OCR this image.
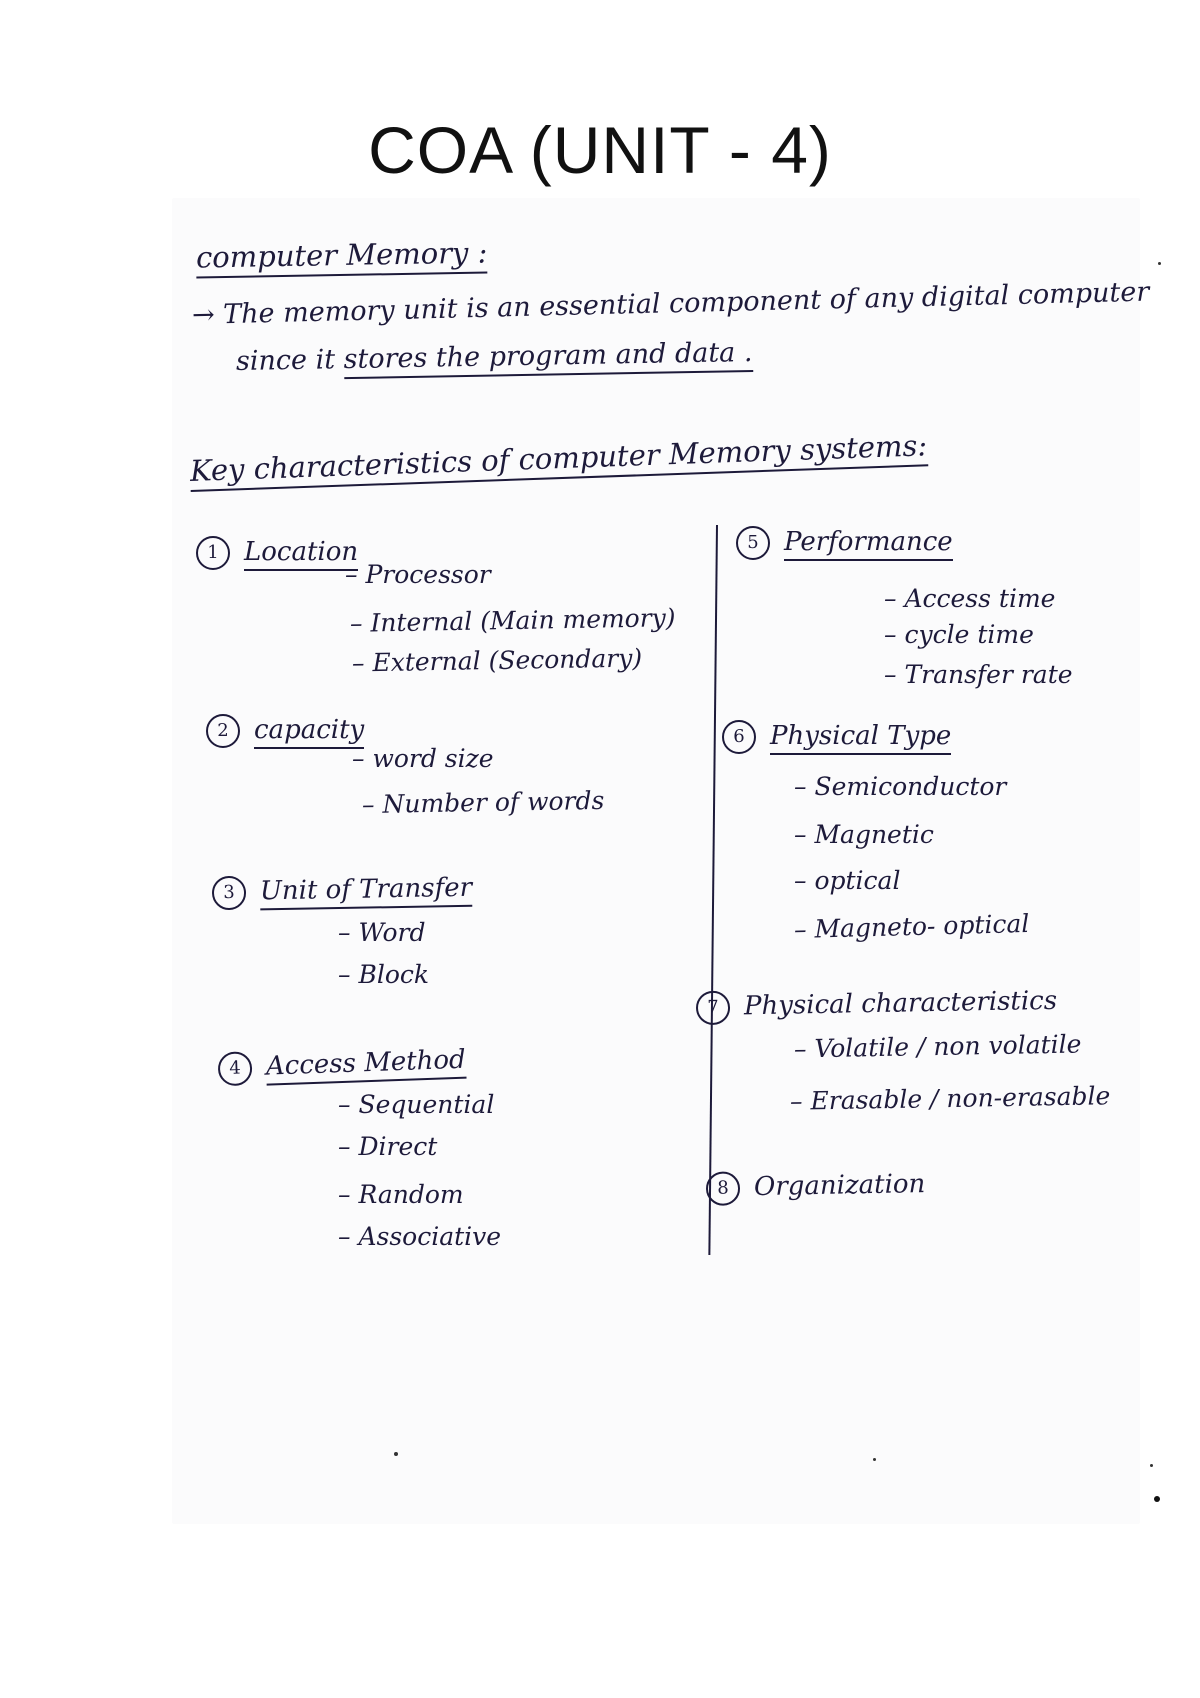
COA (UNIT - 4)
computer Memory :
→ The memory unit is an essential component of any digital computer
since it stores the program and data .
Key characteristics of computer Memory systems:
1 Location
– Processor
– Internal (Main memory)
– External (Secondary)
2 capacity
– word size
– Number of words
3 Unit of Transfer
– Word
– Block
4 Access Method
– Sequential
– Direct
– Random
– Associative
5 Performance
– Access time
– cycle time
– Transfer rate
6 Physical Type
– Semiconductor
– Magnetic
– optical
– Magneto- optical
7 Physical characteristics
– Volatile / non volatile
– Erasable / non-erasable
8 Organization
